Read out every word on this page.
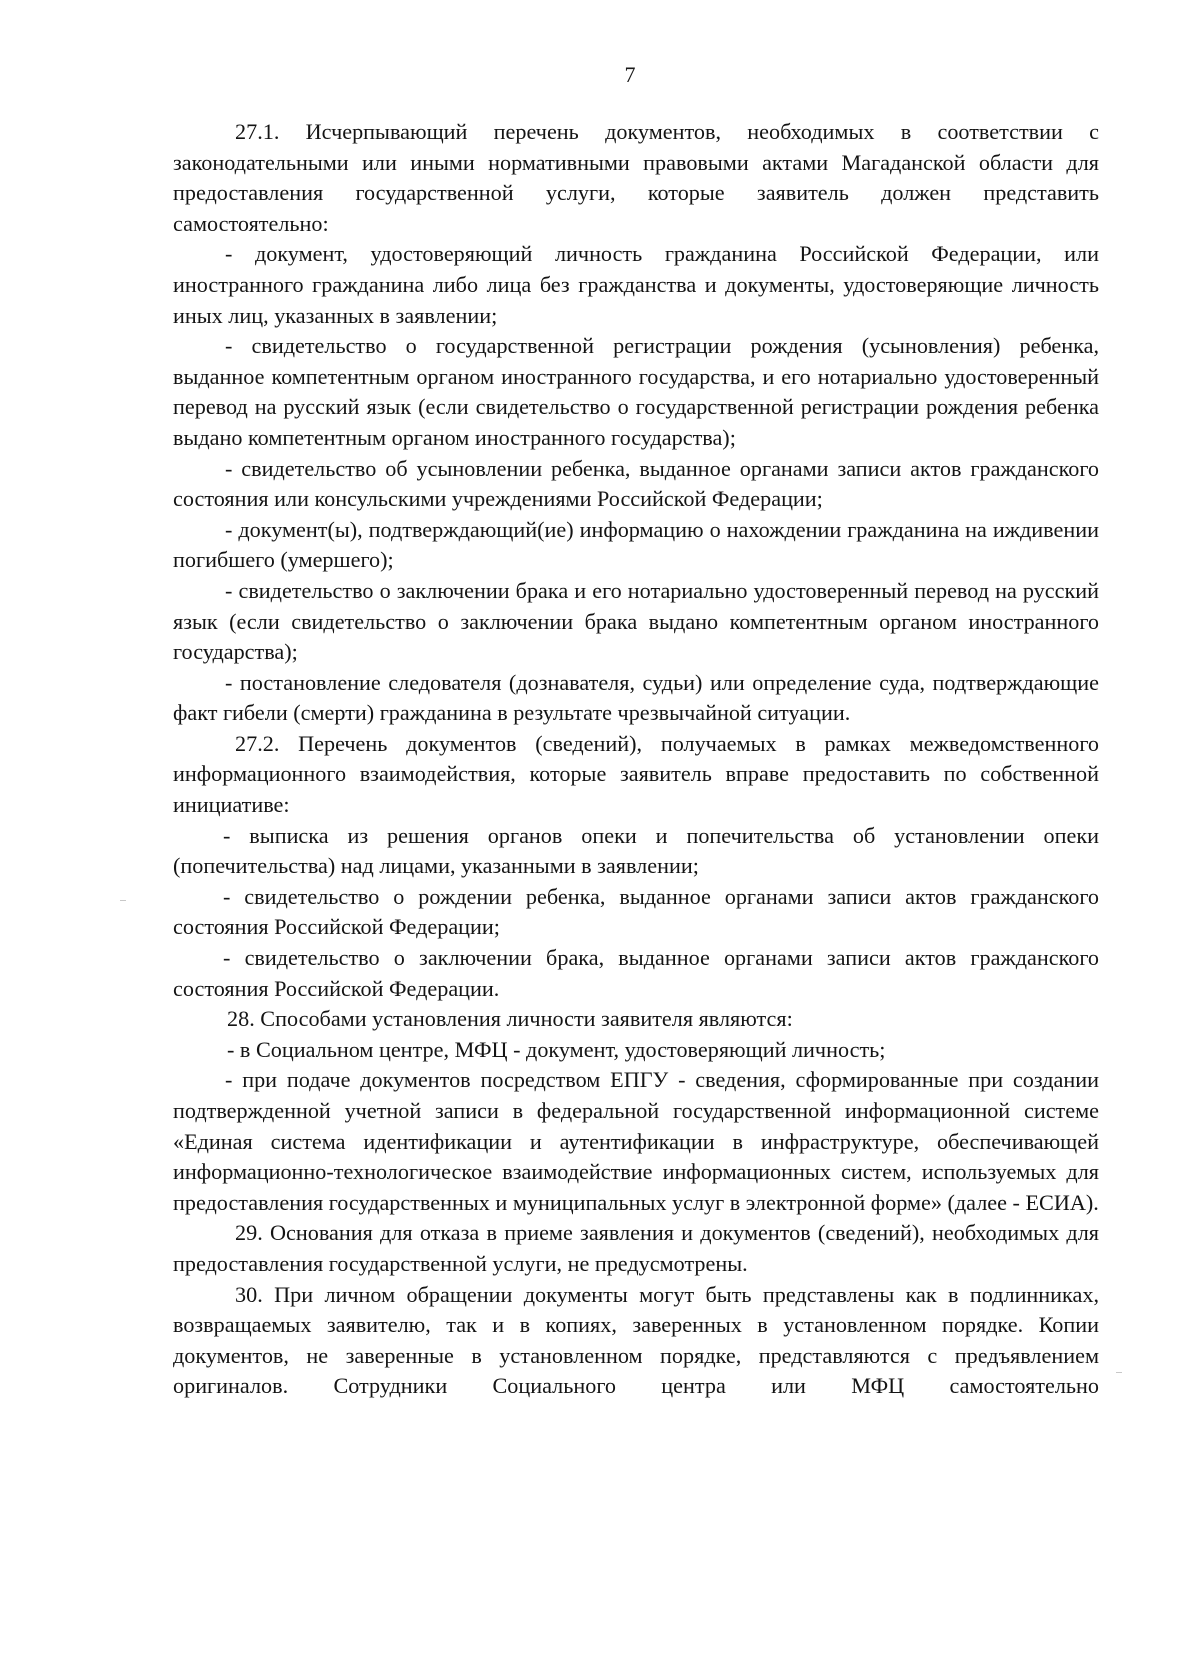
7

27.1. Исчерпывающий перечень документов, необходимых в соответствии с законодательными или иными нормативными правовыми актами Магаданской области для предоставления государственной услуги, которые заявитель должен представить самостоятельно:

- документ, удостоверяющий личность гражданина Российской Федерации, или иностранного гражданина либо лица без гражданства и документы, удостоверяющие личность иных лиц, указанных в заявлении;

- свидетельство о государственной регистрации рождения (усыновления) ребенка, выданное компетентным органом иностранного государства, и его нотариально удостоверенный перевод на русский язык (если свидетельство о государственной регистрации рождения ребенка выдано компетентным органом иностранного государства);

- свидетельство об усыновлении ребенка, выданное органами записи актов гражданского состояния или консульскими учреждениями Российской Федерации;

- документ(ы), подтверждающий(ие) информацию о нахождении гражданина на иждивении погибшего (умершего);

- свидетельство о заключении брака и его нотариально удостоверенный перевод на русский язык (если свидетельство о заключении брака выдано компетентным органом иностранного государства);

- постановление следователя (дознавателя, судьи) или определение суда, подтверждающие факт гибели (смерти) гражданина в результате чрезвычайной ситуации.

27.2. Перечень документов (сведений), получаемых в рамках межведомственного информационного взаимодействия, которые заявитель вправе предоставить по собственной инициативе:

- выписка из решения органов опеки и попечительства об установлении опеки (попечительства) над лицами, указанными в заявлении;

- свидетельство о рождении ребенка, выданное органами записи актов гражданского состояния Российской Федерации;

- свидетельство о заключении брака, выданное органами записи актов гражданского состояния Российской Федерации.

28. Способами установления личности заявителя являются:

- в Социальном центре, МФЦ - документ, удостоверяющий личность;

- при подаче документов посредством ЕПГУ - сведения, сформированные при создании подтвержденной учетной записи в федеральной государственной информационной системе «Единая система идентификации и аутентификации в инфраструктуре, обеспечивающей информационно-технологическое взаимодействие информационных систем, используемых для предоставления государственных и муниципальных услуг в электронной форме» (далее - ЕСИА).

29. Основания для отказа в приеме заявления и документов (сведений), необходимых для предоставления государственной услуги, не предусмотрены.

30. При личном обращении документы могут быть представлены как в подлинниках, возвращаемых заявителю, так и в копиях, заверенных в установленном порядке. Копии документов, не заверенные в установленном порядке, представляются с предъявлением оригиналов. Сотрудники Социального центра или МФЦ самостоятельно
